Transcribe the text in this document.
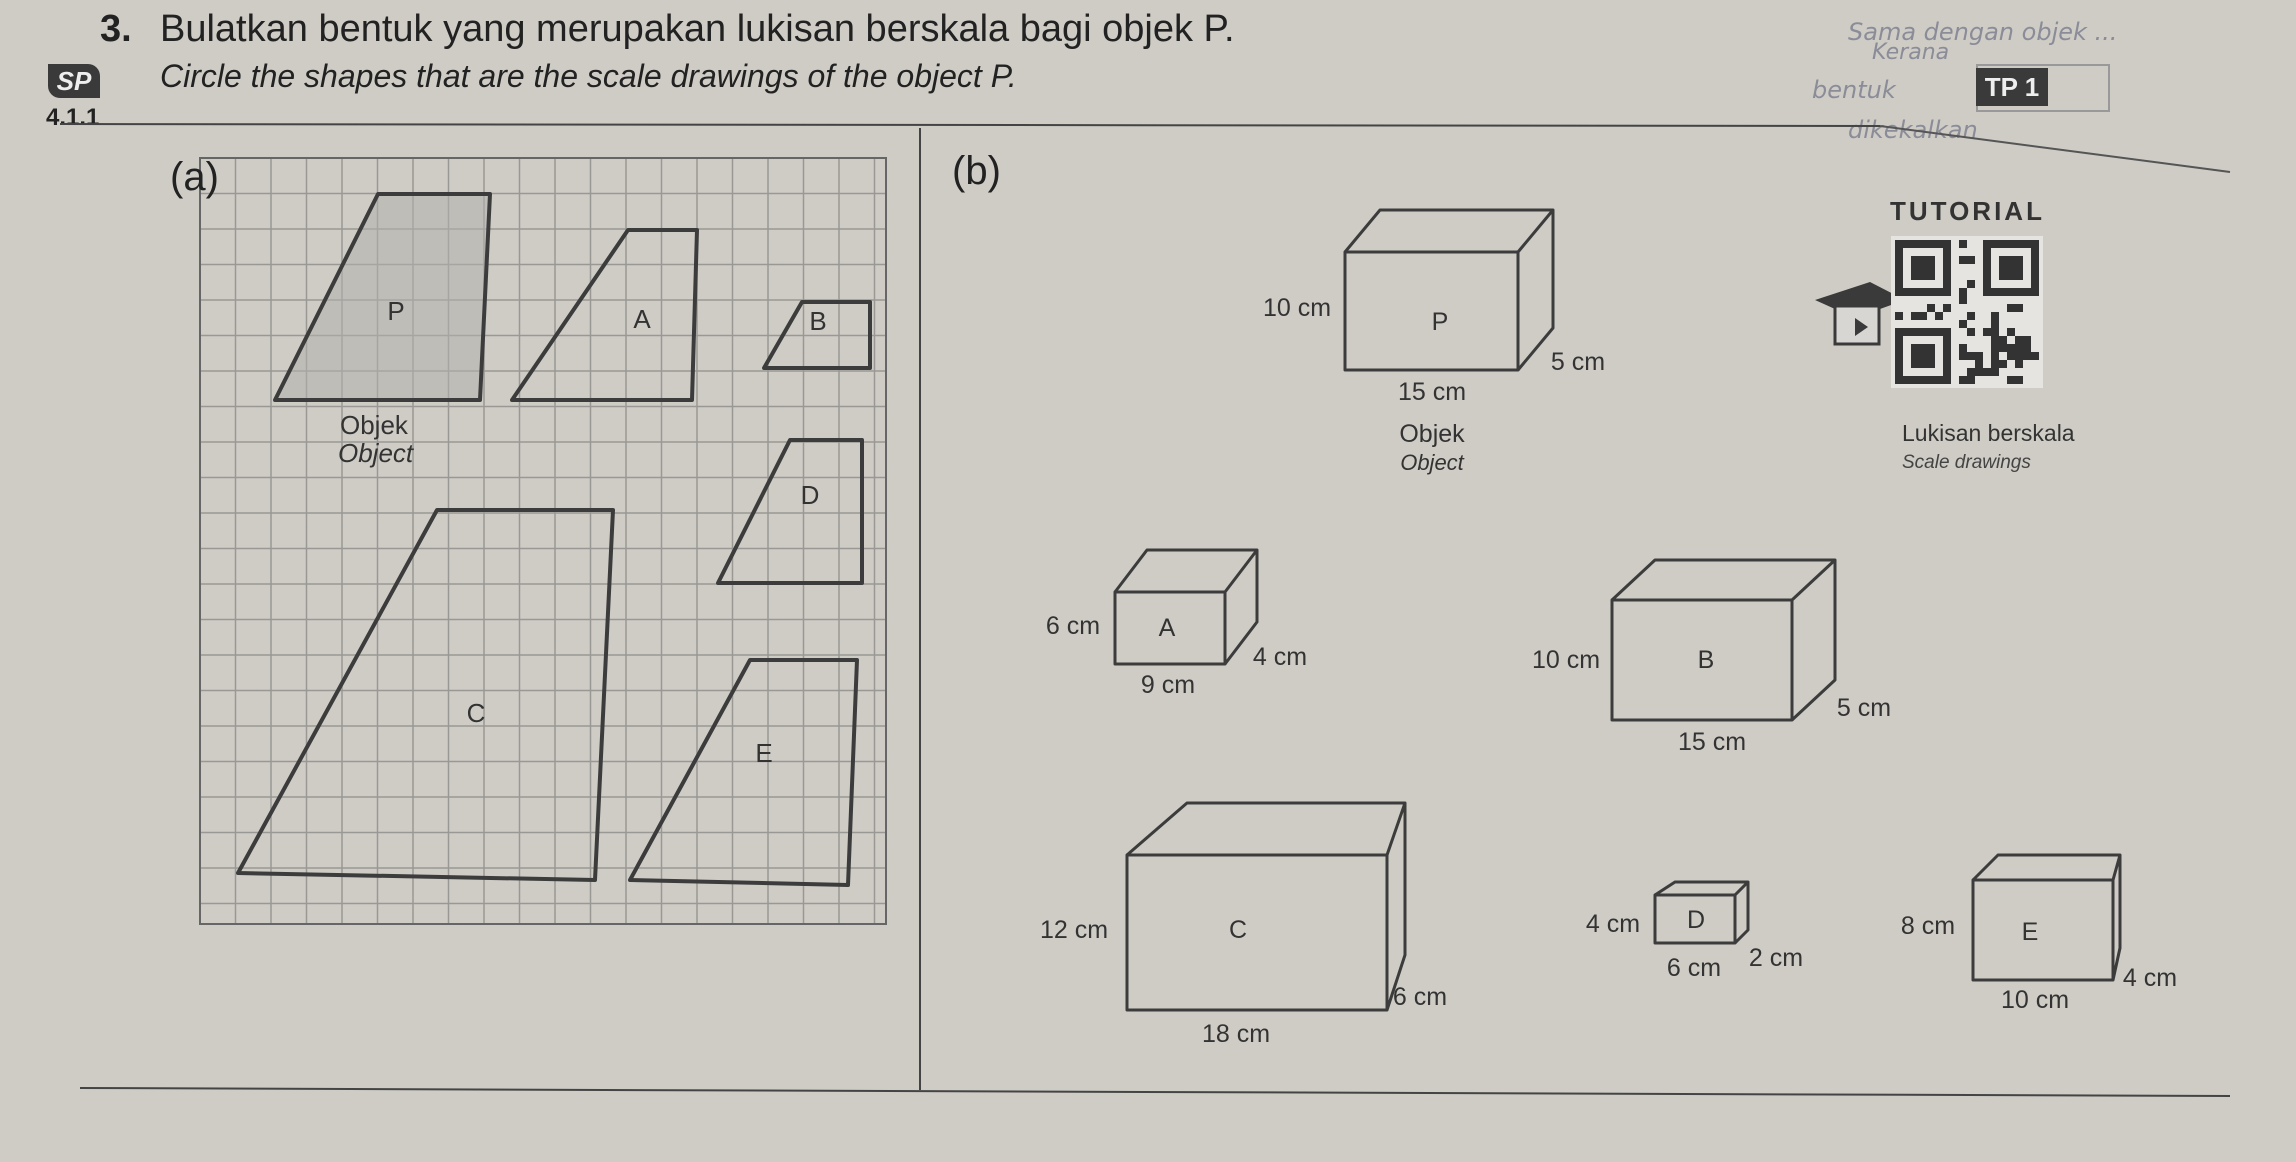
3. Bulatkan bentuk yang merupakan lukisan berskala bagi objek P.
SP Circle the shapes that are the scale drawings of the object P.
4.1.1
TP 1
Sama dengan objek ...
Kerana
bentuk
dikekalkan
P	A	B
D
C
E
Objek
Object
(a)	(b)
P
10 cm
15 cm
5 cm
Objek
Object
A
6 cm
9 cm
4 cm	B
10 cm
15 cm
5 cm
C
12 cm
18 cm
6 cm
D
4 cm
6 cm 2 cm
E
8 cm
10 cm
4 cm
TUTORIAL
Lukisan berskala
Scale drawings
